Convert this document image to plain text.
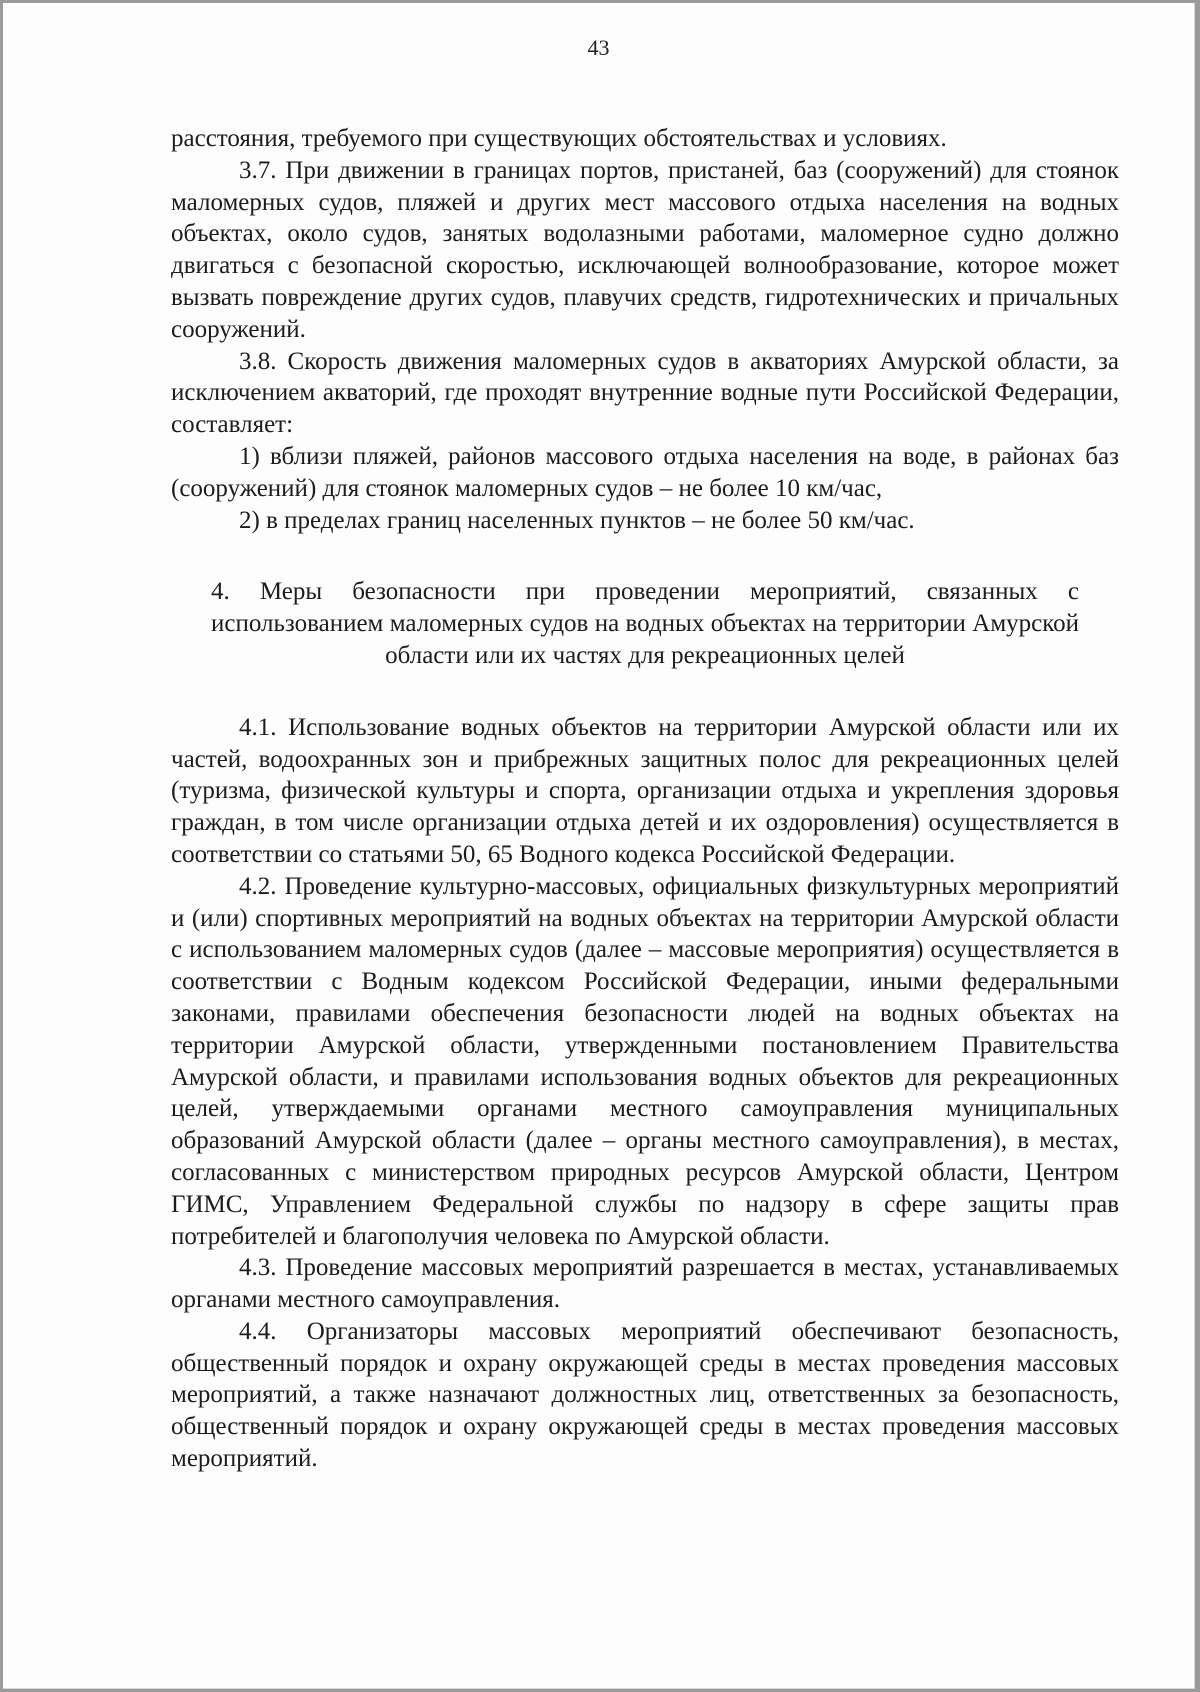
43

расстояния, требуемого при существующих обстоятельствах и условиях.

3.7. При движении в границах портов, пристаней, баз (сооружений) для стоянок маломерных судов, пляжей и других мест массового отдыха населения на водных объектах, около судов, занятых водолазными работами, маломерное судно должно двигаться с безопасной скоростью, исключающей волнообразование, которое может вызвать повреждение других судов, плавучих средств, гидротехнических и причальных сооружений.

3.8. Скорость движения маломерных судов в акваториях Амурской области, за исключением акваторий, где проходят внутренние водные пути Российской Федерации, составляет:

1) вблизи пляжей, районов массового отдыха населения на воде, в районах баз (сооружений) для стоянок маломерных судов – не более 10 км/час,

2) в пределах границ населенных пунктов – не более 50 км/час.

4. Меры безопасности при проведении мероприятий, связанных с использованием маломерных судов на водных объектах на территории Амурской области или их частях для рекреационных целей

4.1. Использование водных объектов на территории Амурской области или их частей, водоохранных зон и прибрежных защитных полос для рекреационных целей (туризма, физической культуры и спорта, организации отдыха и укрепления здоровья граждан, в том числе организации отдыха детей и их оздоровления) осуществляется в соответствии со статьями 50, 65 Водного кодекса Российской Федерации.

4.2. Проведение культурно-массовых, официальных физкультурных мероприятий и (или) спортивных мероприятий на водных объектах на территории Амурской области с использованием маломерных судов (далее – массовые мероприятия) осуществляется в соответствии с Водным кодексом Российской Федерации, иными федеральными законами, правилами обеспечения безопасности людей на водных объектах на территории Амурской области, утвержденными постановлением Правительства Амурской области, и правилами использования водных объектов для рекреационных целей, утверждаемыми органами местного самоуправления муниципальных образований Амурской области (далее – органы местного самоуправления), в местах, согласованных с министерством природных ресурсов Амурской области, Центром ГИМС, Управлением Федеральной службы по надзору в сфере защиты прав потребителей и благополучия человека по Амурской области.

4.3. Проведение массовых мероприятий разрешается в местах, устанавливаемых органами местного самоуправления.

4.4. Организаторы массовых мероприятий обеспечивают безопасность, общественный порядок и охрану окружающей среды в местах проведения массовых мероприятий, а также назначают должностных лиц, ответственных за безопасность, общественный порядок и охрану окружающей среды в местах проведения массовых мероприятий.
